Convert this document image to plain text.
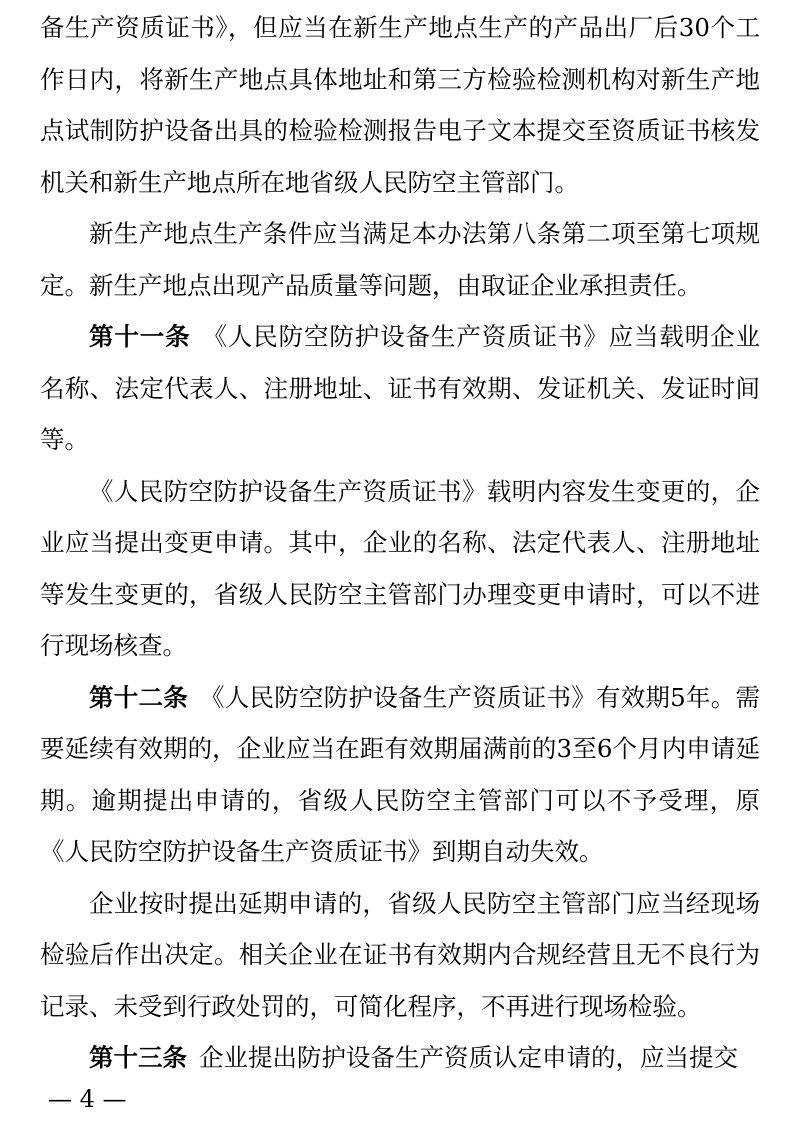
备生产资质证书》，但应当在新生产地点生产的产品出厂后30个工作日内，将新生产地点具体地址和第三方检验检测机构对新生产地点试制防护设备出具的检验检测报告电子文本提交至资质证书核发机关和新生产地点所在地省级人民防空主管部门。

新生产地点生产条件应当满足本办法第八条第二项至第七项规定。新生产地点出现产品质量等问题，由取证企业承担责任。

第十一条 《人民防空防护设备生产资质证书》应当载明企业名称、法定代表人、注册地址、证书有效期、发证机关、发证时间等。

《人民防空防护设备生产资质证书》载明内容发生变更的，企业应当提出变更申请。其中，企业的名称、法定代表人、注册地址等发生变更的，省级人民防空主管部门办理变更申请时，可以不进行现场核查。

第十二条 《人民防空防护设备生产资质证书》有效期5年。需要延续有效期的，企业应当在距有效期届满前的3至6个月内申请延期。逾期提出申请的，省级人民防空主管部门可以不予受理，原《人民防空防护设备生产资质证书》到期自动失效。

企业按时提出延期申请的，省级人民防空主管部门应当经现场检验后作出决定。相关企业在证书有效期内合规经营且无不良行为记录、未受到行政处罚的，可简化程序，不再进行现场检验。

第十三条 企业提出防护设备生产资质认定申请的，应当提交

— 4 —
